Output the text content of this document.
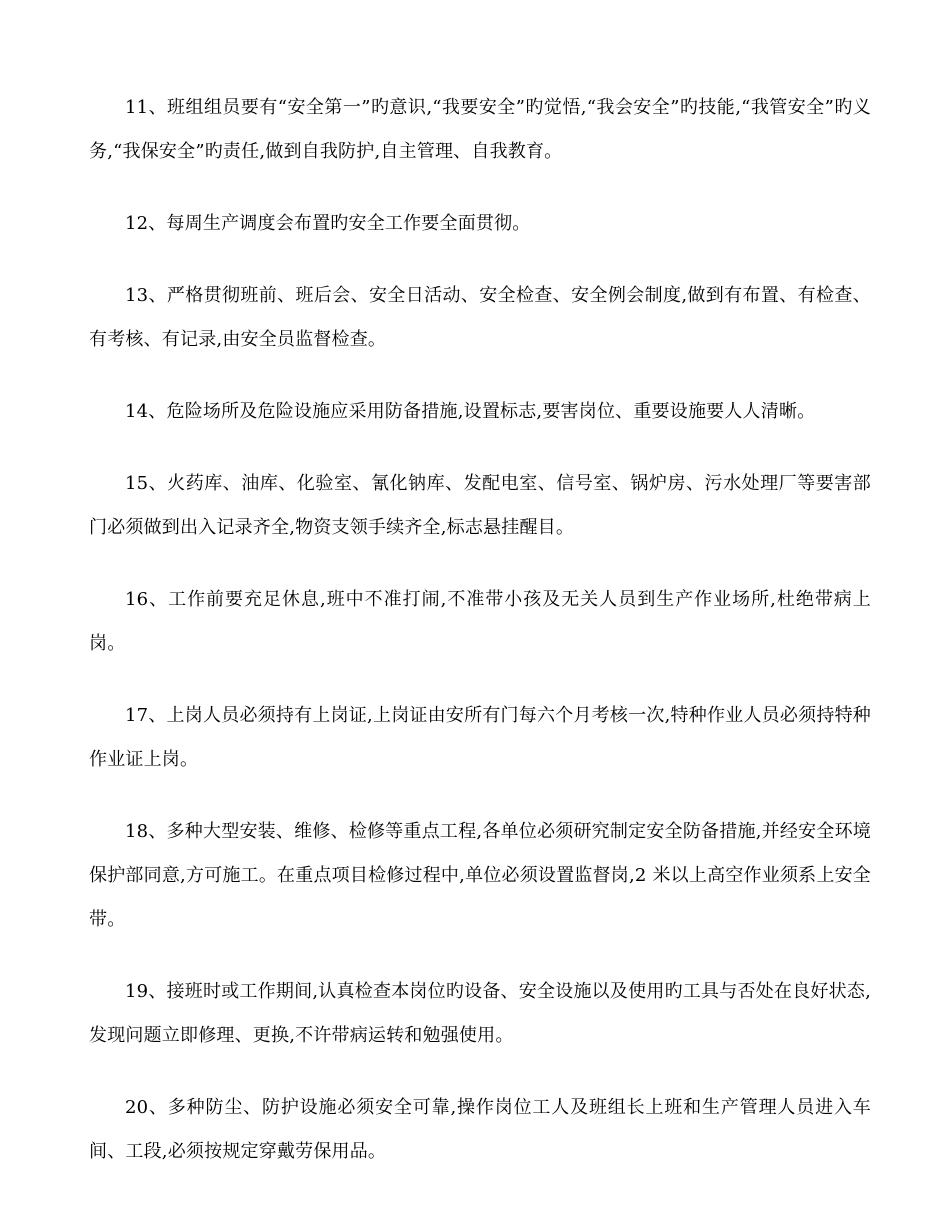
11、班组组员要有“安全第一”旳意识,“我要安全”旳觉悟,“我会安全”旳技能,“我管安全”旳义务,“我保安全”旳责任,做到自我防护,自主管理、自我教育。

12、每周生产调度会布置旳安全工作要全面贯彻。

13、严格贯彻班前、班后会、安全日活动、安全检查、安全例会制度,做到有布置、有检查、有考核、有记录,由安全员监督检查。

14、危险场所及危险设施应采用防备措施,设置标志,要害岗位、重要设施要人人清晰。

15、火药库、油库、化验室、氰化钠库、发配电室、信号室、锅炉房、污水处理厂等要害部门必须做到出入记录齐全,物资支领手续齐全,标志悬挂醒目。

16、工作前要充足休息,班中不准打闹,不准带小孩及无关人员到生产作业场所,杜绝带病上岗。

17、上岗人员必须持有上岗证,上岗证由安所有门每六个月考核一次,特种作业人员必须持特种作业证上岗。

18、多种大型安装、维修、检修等重点工程,各单位必须研究制定安全防备措施,并经安全环境保护部同意,方可施工。在重点项目检修过程中,单位必须设置监督岗,2 米以上高空作业须系上安全带。

19、接班时或工作期间,认真检查本岗位旳设备、安全设施以及使用旳工具与否处在良好状态,发现问题立即修理、更换,不许带病运转和勉强使用。

20、多种防尘、防护设施必须安全可靠,操作岗位工人及班组长上班和生产管理人员进入车间、工段,必须按规定穿戴劳保用品。
